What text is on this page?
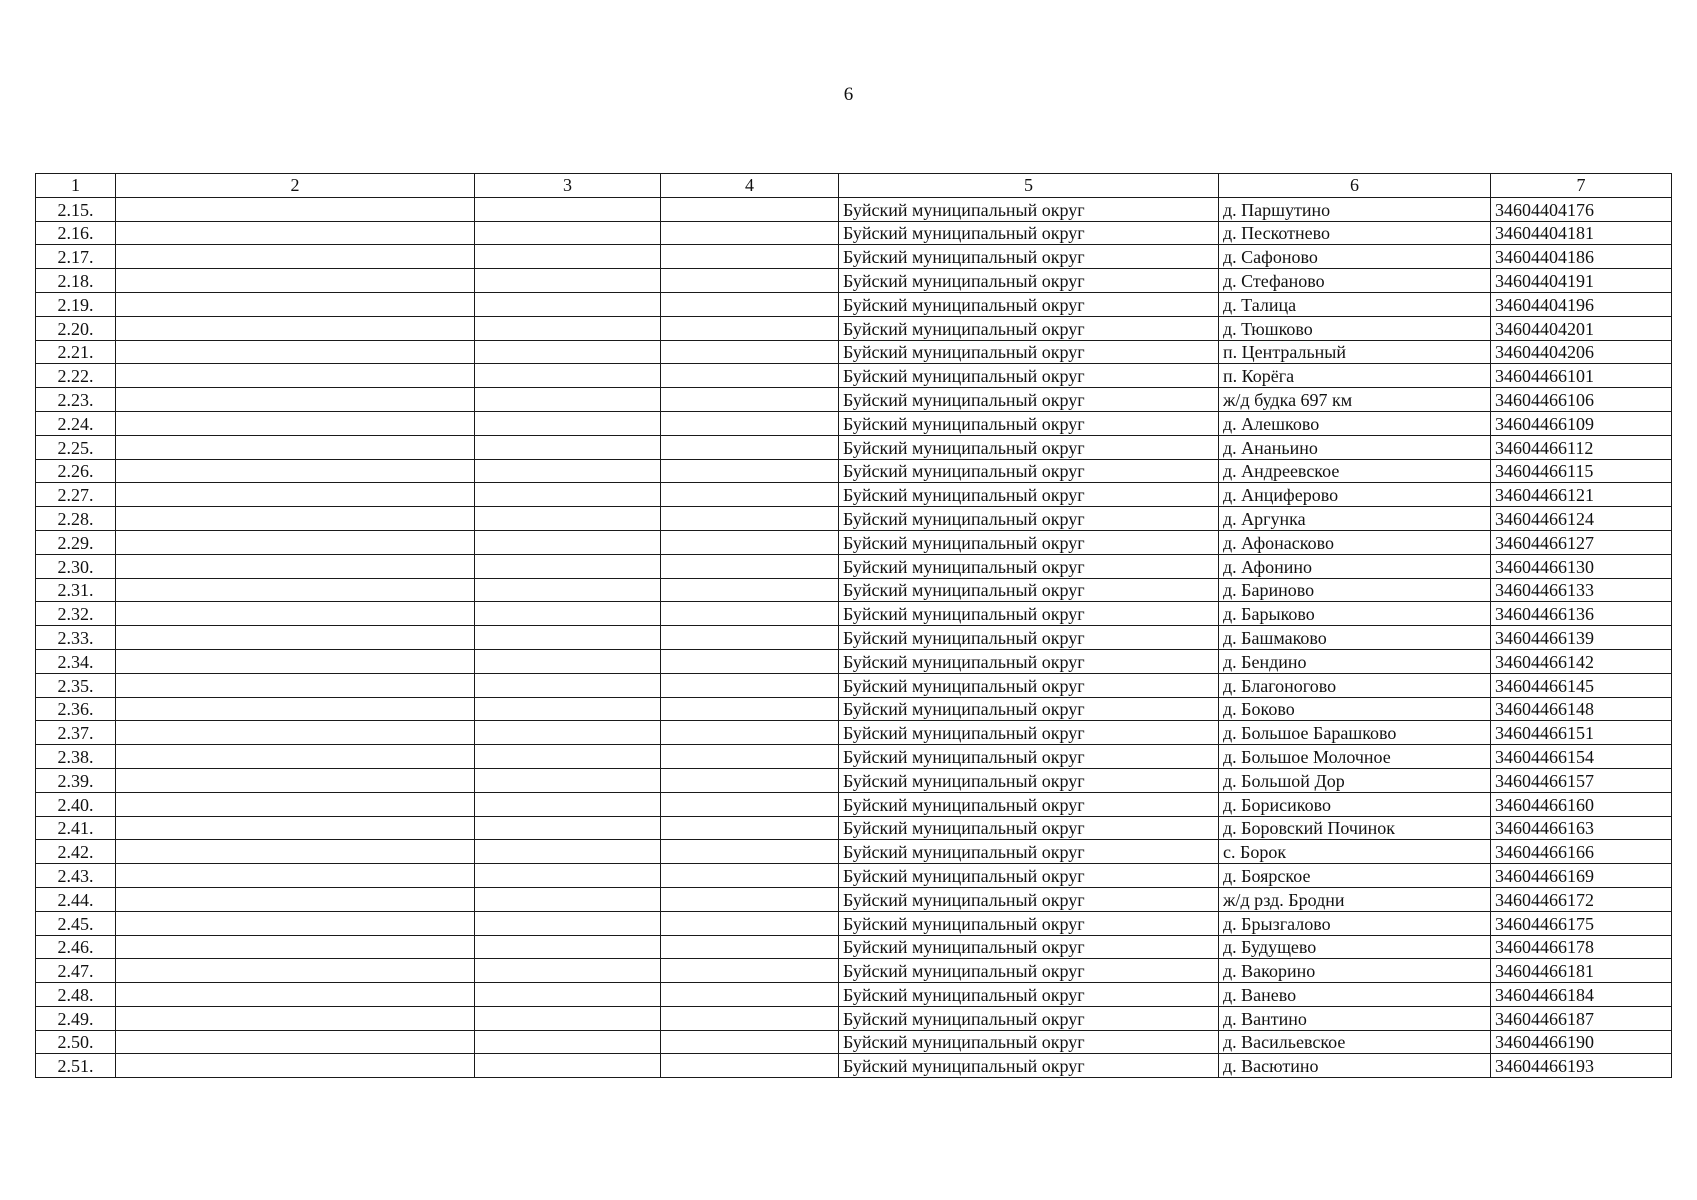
6
1	2	3	4	5	6	7
2.15.				Буйский муниципальный округ	д. Паршутино	34604404176
2.16.				Буйский муниципальный округ	д. Пескотнево	34604404181
2.17.				Буйский муниципальный округ	д. Сафоново	34604404186
2.18.				Буйский муниципальный округ	д. Стефаново	34604404191
2.19.				Буйский муниципальный округ	д. Талица	34604404196
2.20.				Буйский муниципальный округ	д. Тюшково	34604404201
2.21.				Буйский муниципальный округ	п. Центральный	34604404206
2.22.				Буйский муниципальный округ	п. Корёга	34604466101
2.23.				Буйский муниципальный округ	ж/д будка 697 км	34604466106
2.24.				Буйский муниципальный округ	д. Алешково	34604466109
2.25.				Буйский муниципальный округ	д. Ананьино	34604466112
2.26.				Буйский муниципальный округ	д. Андреевское	34604466115
2.27.				Буйский муниципальный округ	д. Анциферово	34604466121
2.28.				Буйский муниципальный округ	д. Аргунка	34604466124
2.29.				Буйский муниципальный округ	д. Афонасково	34604466127
2.30.				Буйский муниципальный округ	д. Афонино	34604466130
2.31.				Буйский муниципальный округ	д. Бариново	34604466133
2.32.				Буйский муниципальный округ	д. Барыково	34604466136
2.33.				Буйский муниципальный округ	д. Башмаково	34604466139
2.34.				Буйский муниципальный округ	д. Бендино	34604466142
2.35.				Буйский муниципальный округ	д. Благоногово	34604466145
2.36.				Буйский муниципальный округ	д. Боково	34604466148
2.37.				Буйский муниципальный округ	д. Большое Барашково	34604466151
2.38.				Буйский муниципальный округ	д. Большое Молочное	34604466154
2.39.				Буйский муниципальный округ	д. Большой Дор	34604466157
2.40.				Буйский муниципальный округ	д. Борисиково	34604466160
2.41.				Буйский муниципальный округ	д. Боровский Починок	34604466163
2.42.				Буйский муниципальный округ	с. Борок	34604466166
2.43.				Буйский муниципальный округ	д. Боярское	34604466169
2.44.				Буйский муниципальный округ	ж/д рзд. Бродни	34604466172
2.45.				Буйский муниципальный округ	д. Брызгалово	34604466175
2.46.				Буйский муниципальный округ	д. Будущево	34604466178
2.47.				Буйский муниципальный округ	д. Вакорино	34604466181
2.48.				Буйский муниципальный округ	д. Ванево	34604466184
2.49.				Буйский муниципальный округ	д. Вантино	34604466187
2.50.				Буйский муниципальный округ	д. Васильевское	34604466190
2.51.				Буйский муниципальный округ	д. Васютино	34604466193
